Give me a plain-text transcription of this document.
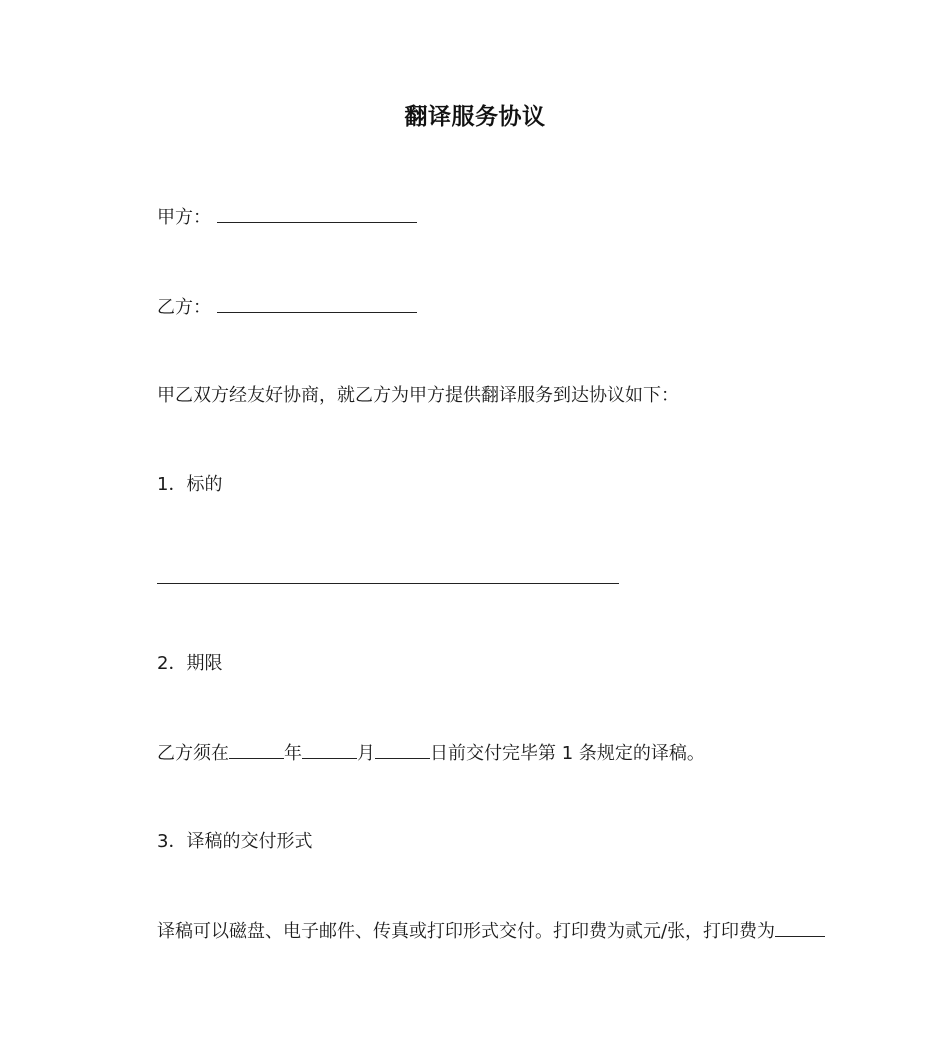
翻译服务协议
甲方：
乙方：
甲乙双方经友好协商，就乙方为甲方提供翻译服务到达协议如下：
1．标的
2．期限
乙方须在	年	月	日前交付完毕第 1 条规定的译稿。
3．译稿的交付形式
译稿可以磁盘、电子邮件、传真或打印形式交付。打印费为贰元/张，打印费为
